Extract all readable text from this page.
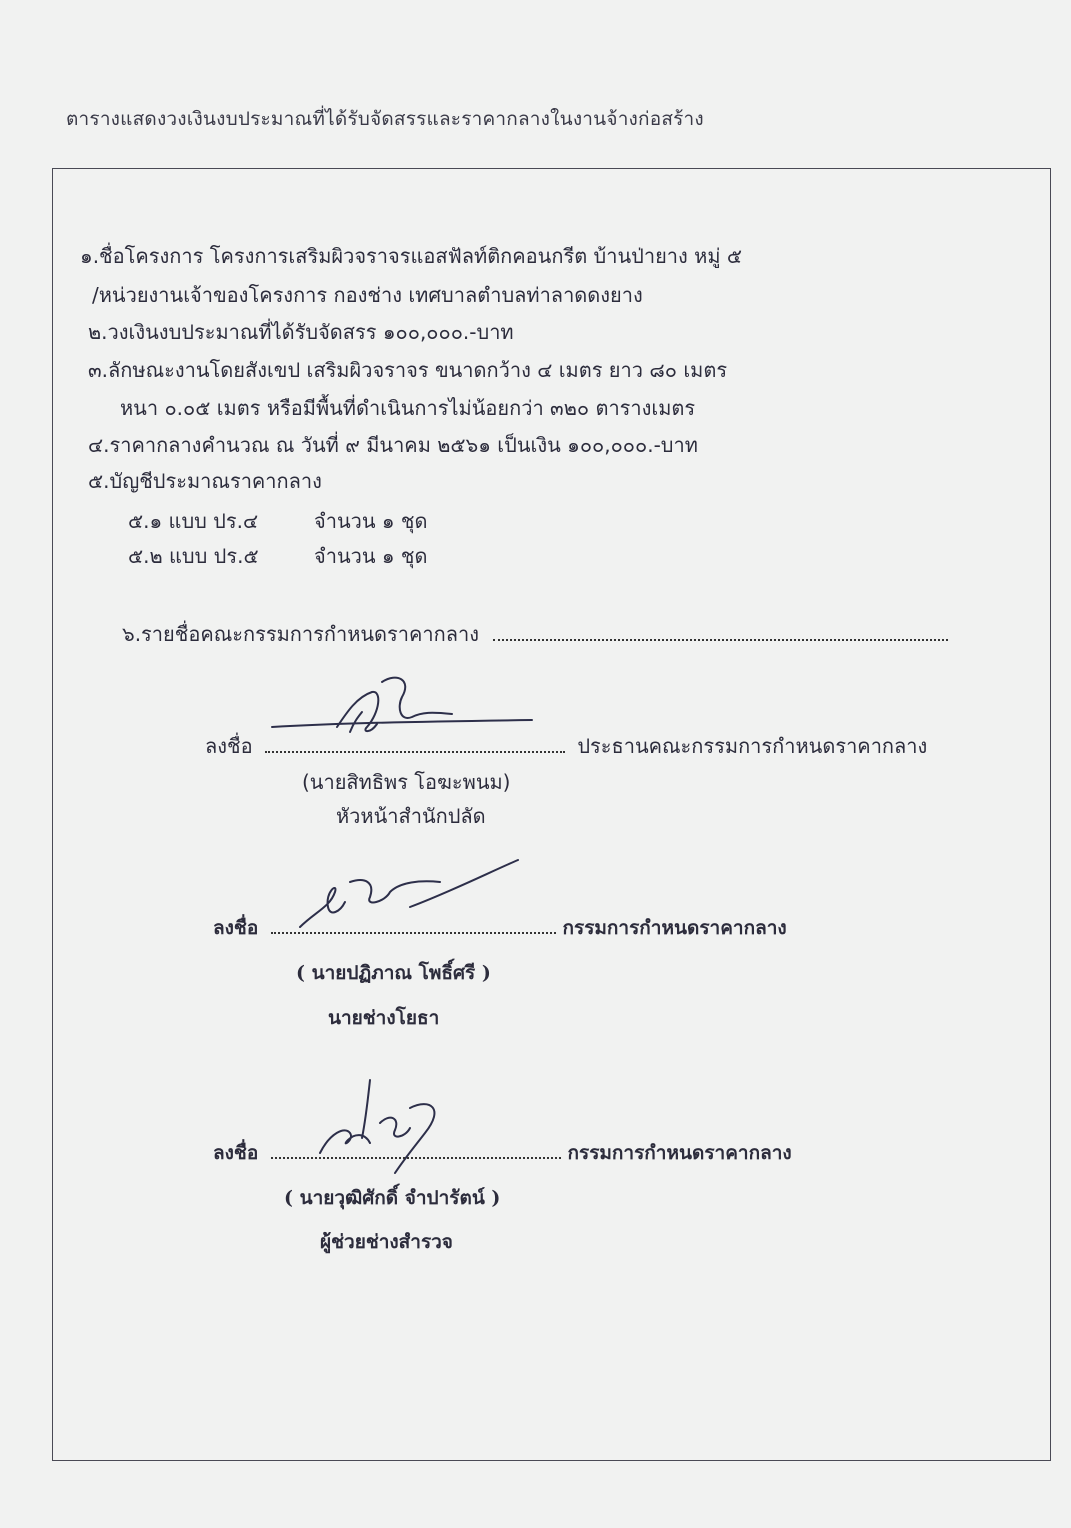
ตารางแสดงวงเงินงบประมาณที่ได้รับจัดสรรและราคากลางในงานจ้างก่อสร้าง
๑.ชื่อโครงการ โครงการเสริมผิวจราจรแอสฟัลท์ติกคอนกรีต บ้านป่ายาง หมู่ ๕
/หน่วยงานเจ้าของโครงการ กองช่าง เทศบาลตำบลท่าลาดดงยาง
๒.วงเงินงบประมาณที่ได้รับจัดสรร ๑๐๐,๐๐๐.-บาท
๓.ลักษณะงานโดยสังเขป เสริมผิวจราจร ขนาดกว้าง ๔ เมตร ยาว ๘๐ เมตร
หนา ๐.๐๕ เมตร หรือมีพื้นที่ดำเนินการไม่น้อยกว่า ๓๒๐ ตารางเมตร
๔.ราคากลางคำนวณ ณ วันที่ ๙ มีนาคม ๒๕๖๑ เป็นเงิน ๑๐๐,๐๐๐.-บาท
๕.บัญชีประมาณราคากลาง
๕.๑ แบบ ปร.๔	จำนวน ๑ ชุด
๕.๒ แบบ ปร.๕	จำนวน ๑ ชุด
๖.รายชื่อคณะกรรมการกำหนดราคากลาง
ลงชื่อ	ประธานคณะกรรมการกำหนดราคากลาง
(นายสิทธิพร โอฆะพนม)
หัวหน้าสำนักปลัด
ลงชื่อ	กรรมการกำหนดราคากลาง
( นายปฏิภาณ โพธิ์ศรี )
นายช่างโยธา
ลงชื่อ	กรรมการกำหนดราคากลาง
( นายวุฒิศักดิ์ จำปารัตน์ )
ผู้ช่วยช่างสำรวจ
